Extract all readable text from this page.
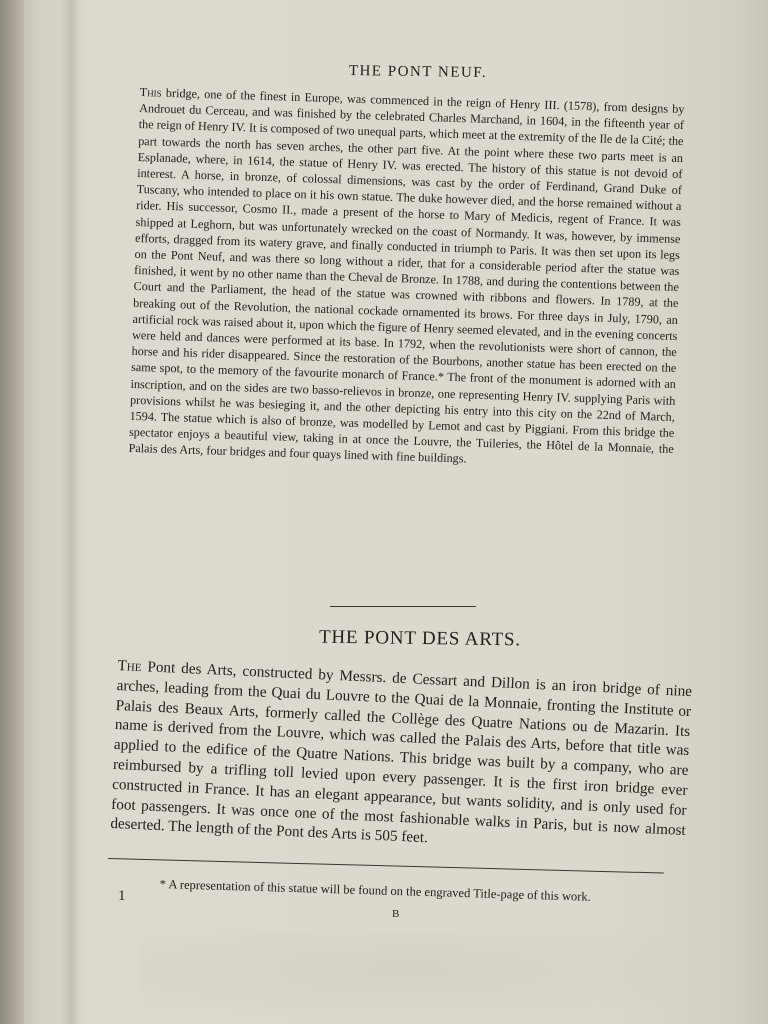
THE PONT NEUF.
This bridge, one of the finest in Europe, was commenced in the reign of Henry III. (1578), from designs by Androuet du Cerceau, and was finished by the celebrated Charles Marchand, in 1604, in the fifteenth year of the reign of Henry IV. It is composed of two unequal parts, which meet at the extremity of the Ile de la Cité; the part towards the north has seven arches, the other part five. At the point where these two parts meet is an Esplanade, where, in 1614, the statue of Henry IV. was erected. The history of this statue is not devoid of interest. A horse, in bronze, of colossal dimensions, was cast by the order of Ferdinand, Grand Duke of Tuscany, who intended to place on it his own statue. The duke however died, and the horse remained without a rider. His successor, Cosmo II., made a present of the horse to Mary of Medicis, regent of France. It was shipped at Leghorn, but was unfortunately wrecked on the coast of Normandy. It was, however, by immense efforts, dragged from its watery grave, and finally conducted in triumph to Paris. It was then set upon its legs on the Pont Neuf, and was there so long without a rider, that for a considerable period after the statue was finished, it went by no other name than the Cheval de Bronze. In 1788, and during the contentions between the Court and the Parliament, the head of the statue was crowned with ribbons and flowers. In 1789, at the breaking out of the Revolution, the national cockade ornamented its brows. For three days in July, 1790, an artificial rock was raised about it, upon which the figure of Henry seemed elevated, and in the evening concerts were held and dances were performed at its base. In 1792, when the revolutionists were short of cannon, the horse and his rider disappeared. Since the restoration of the Bourbons, another statue has been erected on the same spot, to the memory of the favourite monarch of France.* The front of the monument is adorned with an inscription, and on the sides are two basso-relievos in bronze, one representing Henry IV. supplying Paris with provisions whilst he was besieging it, and the other depicting his entry into this city on the 22nd of March, 1594. The statue which is also of bronze, was modelled by Lemot and cast by Piggiani. From this bridge the spectator enjoys a beautiful view, taking in at once the Louvre, the Tuileries, the Hôtel de la Monnaie, the Palais des Arts, four bridges and four quays lined with fine buildings.
THE PONT DES ARTS.
The Pont des Arts, constructed by Messrs. de Cessart and Dillon is an iron bridge of nine arches, leading from the Quai du Louvre to the Quai de la Monnaie, fronting the Institute or Palais des Beaux Arts, formerly called the Collège des Quatre Nations ou de Mazarin. Its name is derived from the Louvre, which was called the Palais des Arts, before that title was applied to the edifice of the Quatre Nations. This bridge was built by a company, who are reimbursed by a trifling toll levied upon every passenger. It is the first iron bridge ever constructed in France. It has an elegant appearance, but wants solidity, and is only used for foot passengers. It was once one of the most fashionable walks in Paris, but is now almost deserted. The length of the Pont des Arts is 505 feet.
* A representation of this statue will be found on the engraved Title-page of this work.
1
B
